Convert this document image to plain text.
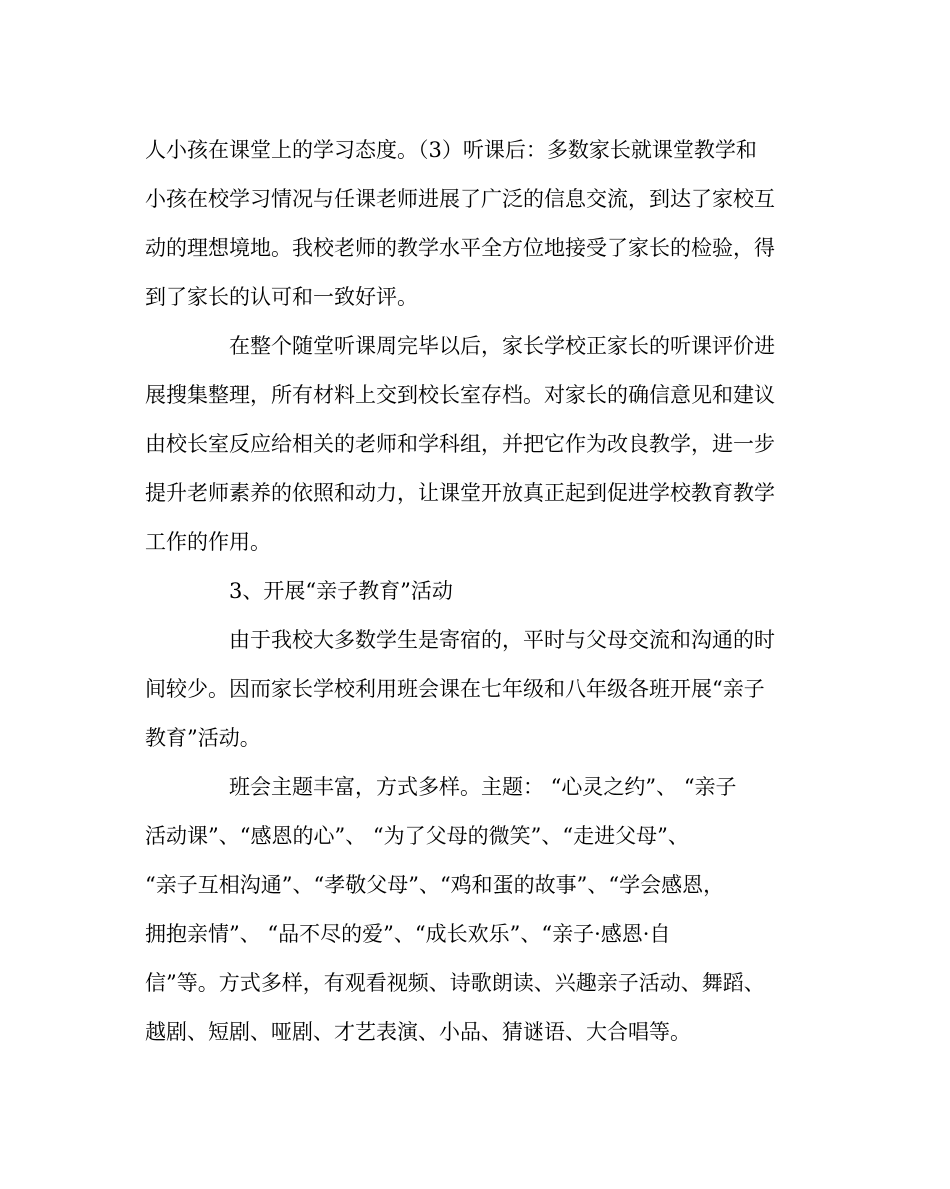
人小孩在课堂上的学习态度。（3）听课后：多数家长就课堂教学和
小孩在校学习情况与任课老师进展了广泛的信息交流，到达了家校互
动的理想境地。我校老师的教学水平全方位地接受了家长的检验，得
到了家长的认可和一致好评。
在整个随堂听课周完毕以后，家长学校正家长的听课评价进
展搜集整理，所有材料上交到校长室存档。对家长的确信意见和建议
由校长室反应给相关的老师和学科组，并把它作为改良教学，进一步
提升老师素养的依照和动力，让课堂开放真正起到促进学校教育教学
工作的作用。
3、开展“亲子教育”活动
由于我校大多数学生是寄宿的，平时与父母交流和沟通的时
间较少。因而家长学校利用班会课在七年级和八年级各班开展“亲子
教育”活动。
班会主题丰富，方式多样。主题： “心灵之约”、 “亲子
活动课”、“感恩的心”、 “为了父母的微笑”、“走进父母”、
“亲子互相沟通”、“孝敬父母”、“鸡和蛋的故事”、“学会感恩，
拥抱亲情”、 “品不尽的爱”、“成长欢乐”、“亲子·感恩·自
信”等。方式多样，有观看视频、诗歌朗读、兴趣亲子活动、舞蹈、
越剧、短剧、哑剧、才艺表演、小品、猜谜语、大合唱等。
